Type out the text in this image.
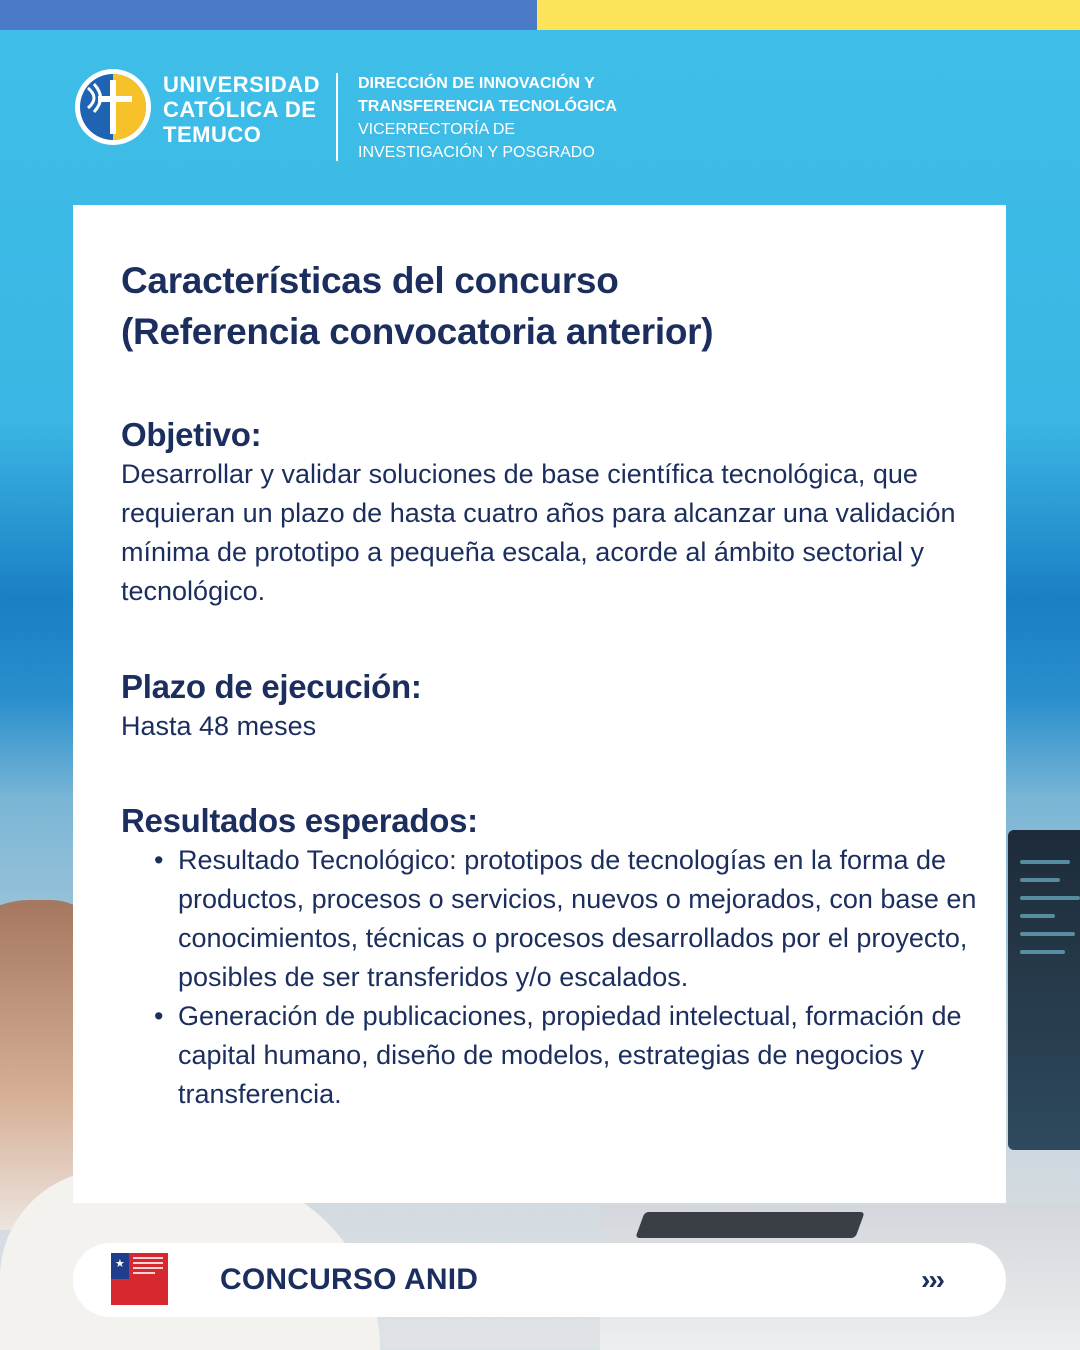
UNIVERSIDAD
CATÓLICA DE
TEMUCO
DIRECCIÓN DE INNOVACIÓN Y
TRANSFERENCIA TECNOLÓGICA
VICERRECTORÍA DE
INVESTIGACIÓN Y POSGRADO
Características del concurso
(Referencia convocatoria anterior)
Objetivo:

Desarrollar y validar soluciones de base científica tecnológica, que requieran un plazo de hasta cuatro años para alcanzar una validación mínima de prototipo a pequeña escala, acorde al ámbito sectorial y tecnológico.

Plazo de ejecución:

Hasta 48 meses

Resultados esperados:
• Resultado Tecnológico: prototipos de tecnologías en la forma de productos, procesos o servicios, nuevos o mejorados, con base en conocimientos, técnicas o procesos desarrollados por el proyecto, posibles de ser transferidos y/o escalados.
• Generación de publicaciones, propiedad intelectual, formación de capital humano, diseño de modelos, estrategias de negocios y transferencia.
★	CONCURSO ANID	›››
